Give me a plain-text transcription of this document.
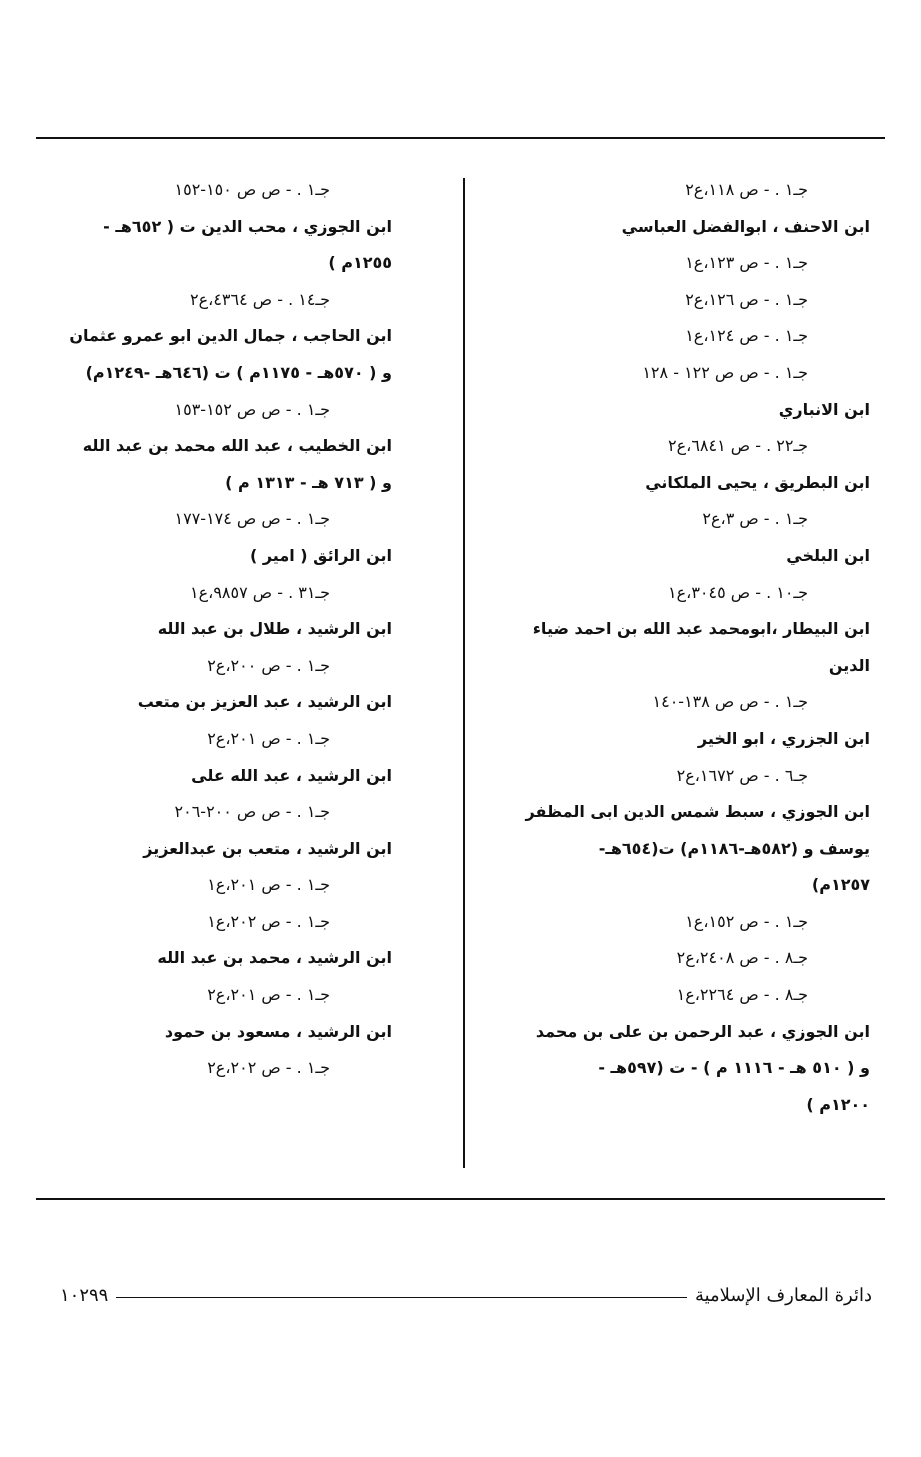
جـ١ . - ص ١١٨،ع٢
ابن الاحنف ، ابوالفضل العباسي
جـ١ . - ص ١٢٣،ع١
جـ١ . - ص ١٢٦،ع٢
جـ١ . - ص ١٢٤،ع١
جـ١ . - ص ص ١٢٢ - ١٢٨
ابن الانباري
جـ٢٢ . - ص ٦٨٤١،ع٢
ابن البطريق ، يحيى الملكاني
جـ١ . - ص ٣،ع٢
ابن البلخي
جـ١٠ . - ص ٣٠٤٥،ع١
ابن البيطار ،ابومحمد عبد الله بن احمد ضياء
الدين
جـ١ . - ص ص ١٣٨-١٤٠
ابن الجزري ، ابو الخير
جـ٦ . - ص ١٦٧٢،ع٢
ابن الجوزي ، سبط شمس الدين ابى المظفر
يوسف و (٥٨٢هـ-١١٨٦م) ت(٦٥٤هـ-
١٢٥٧م)
جـ١ . - ص ١٥٢،ع١
جـ٨ . - ص ٢٤٠٨،ع٢
جـ٨ . - ص ٢٢٦٤،ع١
ابن الجوزي ، عبد الرحمن بن على بن محمد
و ( ٥١٠ هـ - ١١١٦ م ) - ت (٥٩٧هـ -
١٢٠٠م )
جـ١ . - ص ص ١٥٠-١٥٢
ابن الجوزي ، محب الدين ت ( ٦٥٢هـ -
١٢٥٥م )
جـ١٤ . - ص ٤٣٦٤،ع٢
ابن الحاجب ، جمال الدين ابو عمرو عثمان
و ( ٥٧٠هـ - ١١٧٥م ) ت (٦٤٦هـ -١٢٤٩م)
جـ١ . - ص ص ١٥٢-١٥٣
ابن الخطيب ، عبد الله محمد بن عبد الله
و ( ٧١٣ هـ - ١٣١٣ م )
جـ١ . - ص ص ١٧٤-١٧٧
ابن الرائق ( امير )
جـ٣١ . - ص ٩٨٥٧،ع١
ابن الرشيد ، طلال بن عبد الله
جـ١ . - ص ٢٠٠،ع٢
ابن الرشيد ، عبد العزيز بن متعب
جـ١ . - ص ٢٠١،ع٢
ابن الرشيد ، عبد الله على
جـ١ . - ص ص ٢٠٠-٢٠٦
ابن الرشيد ، متعب بن عبدالعزيز
جـ١ . - ص ٢٠١،ع١
جـ١ . - ص ٢٠٢،ع١
ابن الرشيد ، محمد بن عبد الله
جـ١ . - ص ٢٠١،ع٢
ابن الرشيد ، مسعود بن حمود
جـ١ . - ص ٢٠٢،ع٢
دائرة المعارف الإسلامية
١٠٢٩٩
